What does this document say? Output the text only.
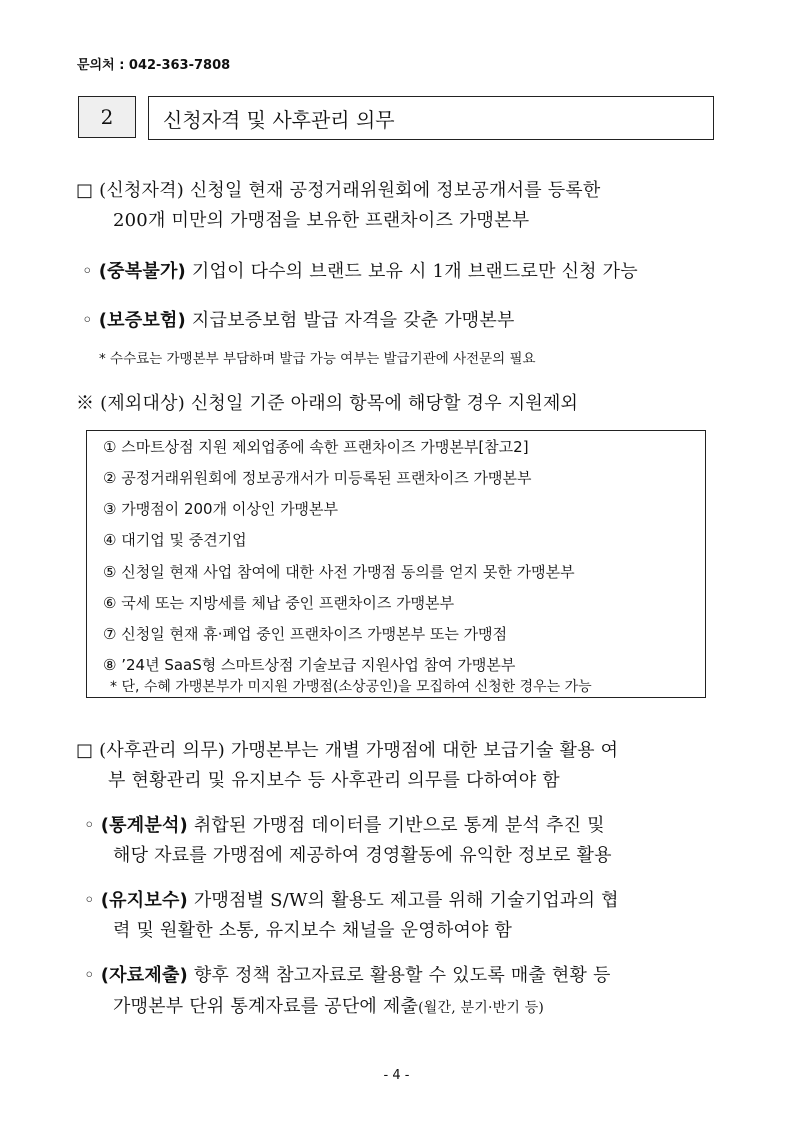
문의처 : 042-363-7808
2	신청자격 및 사후관리 의무
□ (신청자격) 신청일 현재 공정거래위원회에 정보공개서를 등록한
200개 미만의 가맹점을 보유한 프랜차이즈 가맹본부
◦ (중복불가) 기업이 다수의 브랜드 보유 시 1개 브랜드로만 신청 가능
◦ (보증보험) 지급보증보험 발급 자격을 갖춘 가맹본부
* 수수료는 가맹본부 부담하며 발급 가능 여부는 발급기관에 사전문의 필요
※ (제외대상) 신청일 기준 아래의 항목에 해당할 경우 지원제외
① 스마트상점 지원 제외업종에 속한 프랜차이즈 가맹본부[참고2]
② 공정거래위원회에 정보공개서가 미등록된 프랜차이즈 가맹본부
③ 가맹점이 200개 이상인 가맹본부
④ 대기업 및 중견기업
⑤ 신청일 현재 사업 참여에 대한 사전 가맹점 동의를 얻지 못한 가맹본부
⑥ 국세 또는 지방세를 체납 중인 프랜차이즈 가맹본부
⑦ 신청일 현재 휴·폐업 중인 프랜차이즈 가맹본부 또는 가맹점
⑧ ’24년 SaaS형 스마트상점 기술보급 지원사업 참여 가맹본부
* 단, 수혜 가맹본부가 미지원 가맹점(소상공인)을 모집하여 신청한 경우는 가능
□ (사후관리 의무) 가맹본부는 개별 가맹점에 대한 보급기술 활용 여
부 현황관리 및 유지보수 등 사후관리 의무를 다하여야 함
◦ (통계분석) 취합된 가맹점 데이터를 기반으로 통계 분석 추진 및
해당 자료를 가맹점에 제공하여 경영활동에 유익한 정보로 활용
◦ (유지보수) 가맹점별 S/W의 활용도 제고를 위해 기술기업과의 협
력 및 원활한 소통, 유지보수 채널을 운영하여야 함
◦ (자료제출) 향후 정책 참고자료로 활용할 수 있도록 매출 현황 등
가맹본부 단위 통계자료를 공단에 제출(월간, 분기·반기 등)
- 4 -
